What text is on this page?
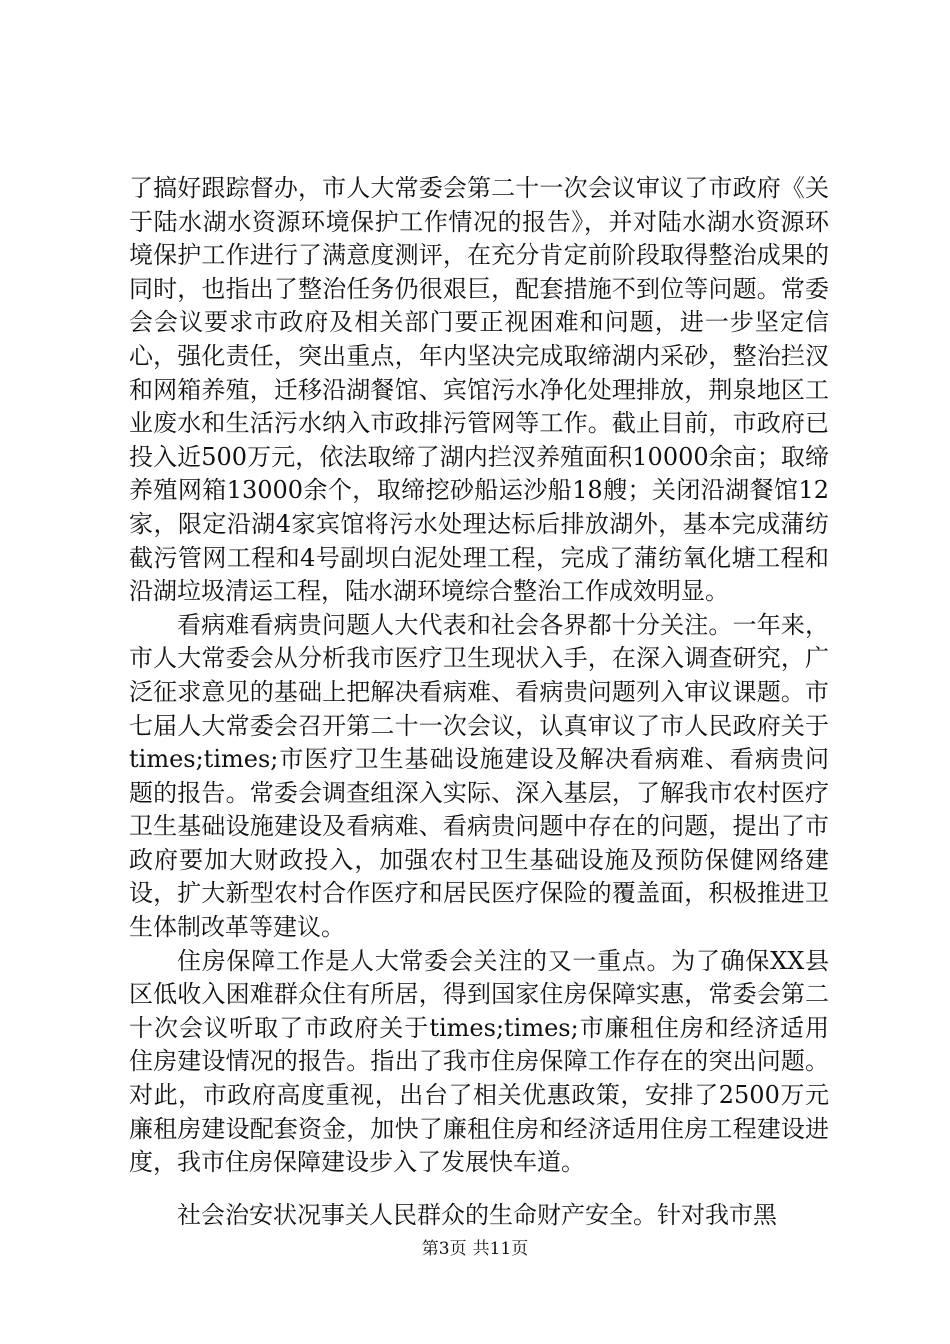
了搞好跟踪督办，市人大常委会第二十一次会议审议了市政府《关于陆水湖水资源环境保护工作情况的报告》，并对陆水湖水资源环境保护工作进行了满意度测评，在充分肯定前阶段取得整治成果的同时，也指出了整治任务仍很艰巨，配套措施不到位等问题。常委会会议要求市政府及相关部门要正视困难和问题，进一步坚定信心，强化责任，突出重点，年内坚决完成取缔湖内采砂，整治拦汊和网箱养殖，迁移沿湖餐馆、宾馆污水净化处理排放，荆泉地区工业废水和生活污水纳入市政排污管网等工作。截止目前，市政府已投入近500万元，依法取缔了湖内拦汊养殖面积10000余亩；取缔养殖网箱13000余个，取缔挖砂船运沙船18艘；关闭沿湖餐馆12家，限定沿湖4家宾馆将污水处理达标后排放湖外，基本完成蒲纺截污管网工程和4号副坝白泥处理工程，完成了蒲纺氧化塘工程和沿湖垃圾清运工程，陆水湖环境综合整治工作成效明显。

看病难看病贵问题人大代表和社会各界都十分关注。一年来，市人大常委会从分析我市医疗卫生现状入手，在深入调查研究，广泛征求意见的基础上把解决看病难、看病贵问题列入审议课题。市七届人大常委会召开第二十一次会议，认真审议了市人民政府关于times;times;市医疗卫生基础设施建设及解决看病难、看病贵问题的报告。常委会调查组深入实际、深入基层，了解我市农村医疗卫生基础设施建设及看病难、看病贵问题中存在的问题，提出了市政府要加大财政投入，加强农村卫生基础设施及预防保健网络建设，扩大新型农村合作医疗和居民医疗保险的覆盖面，积极推进卫生体制改革等建议。

住房保障工作是人大常委会关注的又一重点。为了确保XX县区低收入困难群众住有所居，得到国家住房保障实惠，常委会第二十次会议听取了市政府关于times;times;市廉租住房和经济适用住房建设情况的报告。指出了我市住房保障工作存在的突出问题。对此，市政府高度重视，出台了相关优惠政策，安排了2500万元廉租房建设配套资金，加快了廉租住房和经济适用住房工程建设进度，我市住房保障建设步入了发展快车道。

社会治安状况事关人民群众的生命财产安全。针对我市黑

第3页 共11页
